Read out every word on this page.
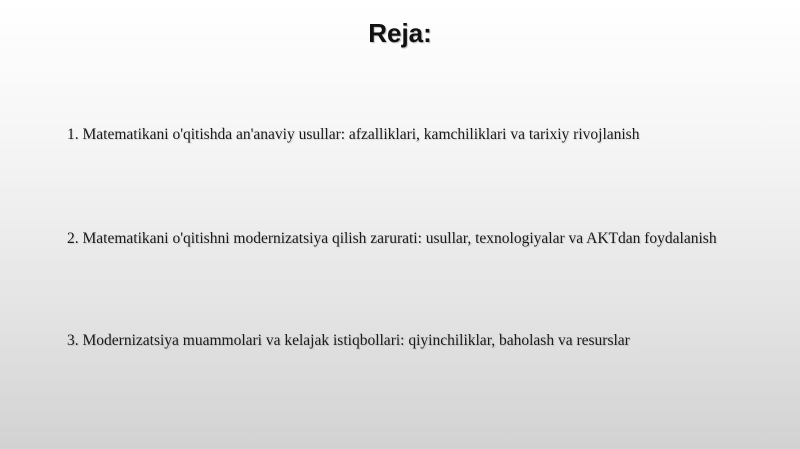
Reja:
1. Matematikani o'qitishda an'anaviy usullar: afzalliklari, kamchiliklari va tarixiy rivojlanish
2. Matematikani o'qitishni modernizatsiya qilish zarurati: usullar, texnologiyalar va AKTdan foydalanish
3. Modernizatsiya muammolari va kelajak istiqbollari: qiyinchiliklar, baholash va resurslar
